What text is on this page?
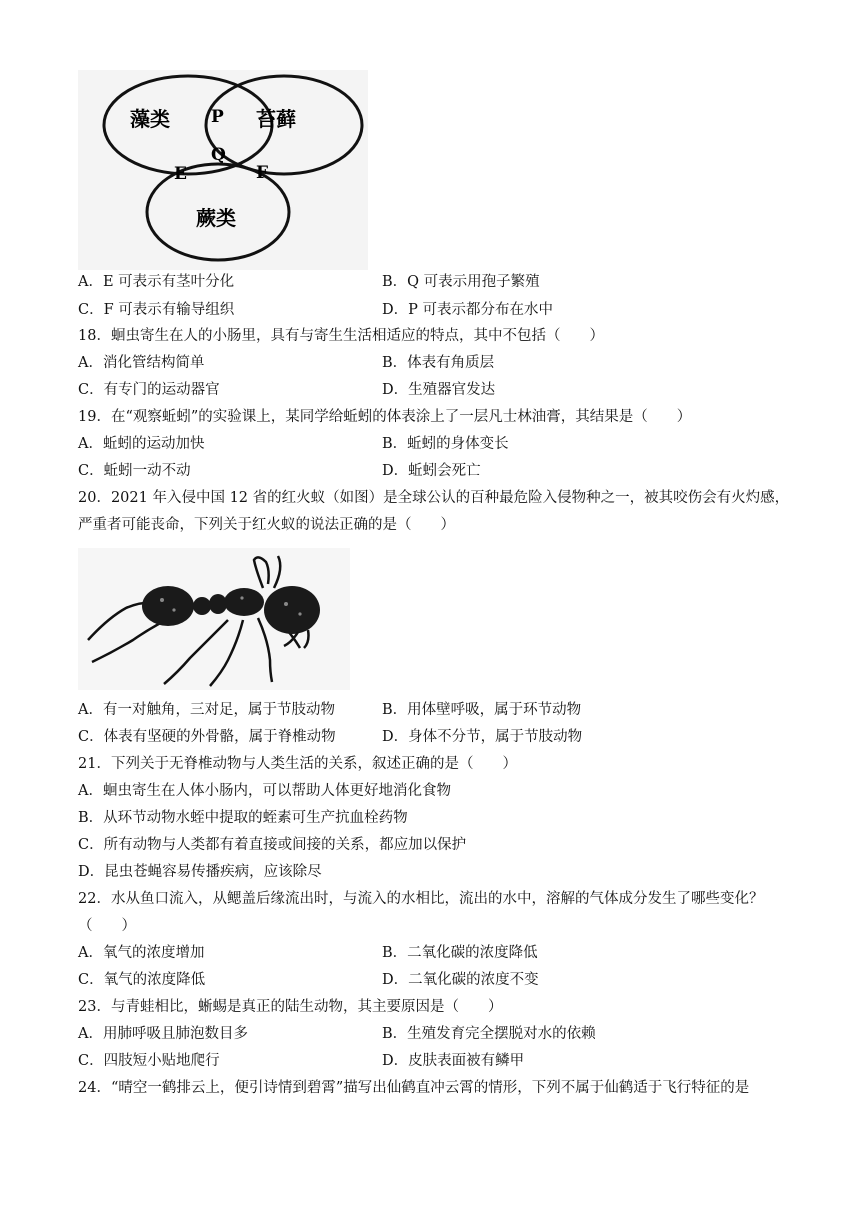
藻类	苔藓
蕨类
P
Q
E	F
A．E 可表示有茎叶分化	B．Q 可表示用孢子繁殖
C．F 可表示有输导组织	D．P 可表示都分布在水中
18．蛔虫寄生在人的小肠里，具有与寄生生活相适应的特点，其中不包括（　　）
A．消化管结构简单	B．体表有角质层
C．有专门的运动器官	D．生殖器官发达
19．在“观察蚯蚓”的实验课上，某同学给蚯蚓的体表涂上了一层凡士林油膏，其结果是（　　）
A．蚯蚓的运动加快	B．蚯蚓的身体变长
C．蚯蚓一动不动	D．蚯蚓会死亡
20．2021 年入侵中国 12 省的红火蚁（如图）是全球公认的百种最危险入侵物种之一，被其咬伤会有火灼感，
严重者可能丧命，下列关于红火蚁的说法正确的是（　　）
A．有一对触角，三对足，属于节肢动物	B．用体壁呼吸，属于环节动物
C．体表有坚硬的外骨骼，属于脊椎动物	D．身体不分节，属于节肢动物
21．下列关于无脊椎动物与人类生活的关系，叙述正确的是（　　）
A．蛔虫寄生在人体小肠内，可以帮助人体更好地消化食物
B．从环节动物水蛭中提取的蛭素可生产抗血栓药物
C．所有动物与人类都有着直接或间接的关系，都应加以保护
D．昆虫苍蝇容易传播疾病，应该除尽
22．水从鱼口流入，从鳃盖后缘流出时，与流入的水相比，流出的水中，溶解的气体成分发生了哪些变化？
（　　）
A．氧气的浓度增加	B．二氧化碳的浓度降低
C．氧气的浓度降低	D．二氧化碳的浓度不变
23．与青蛙相比，蜥蜴是真正的陆生动物，其主要原因是（　　）
A．用肺呼吸且肺泡数目多	B．生殖发育完全摆脱对水的依赖
C．四肢短小贴地爬行	D．皮肤表面被有鳞甲
24．“晴空一鹤排云上，便引诗情到碧霄”描写出仙鹤直冲云霄的情形，下列不属于仙鹤适于飞行特征的是
